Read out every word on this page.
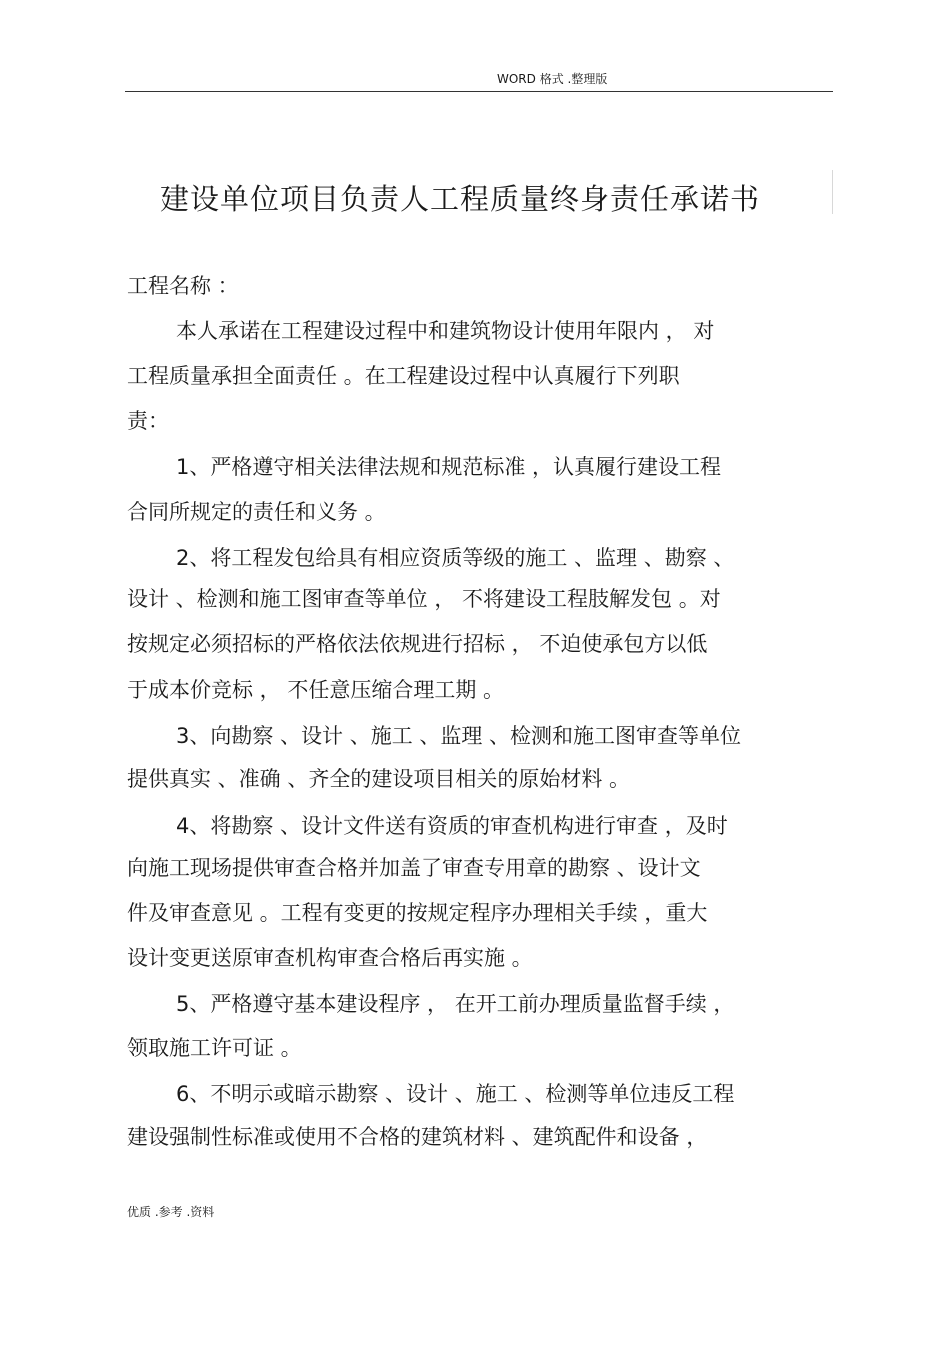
WORD 格式 .整理版
建设单位项目负责人工程质量终身责任承诺书
工程名称 ：
本人承诺在工程建设过程中和建筑物设计使用年限内 ， 对
工程质量承担全面责任 。在工程建设过程中认真履行下列职
责：
1、严格遵守相关法律法规和规范标准 ，认真履行建设工程
合同所规定的责任和义务 。
2、将工程发包给具有相应资质等级的施工 、监理 、勘察 、
设计 、检测和施工图审查等单位 ， 不将建设工程肢解发包 。对
按规定必须招标的严格依法依规进行招标 ， 不迫使承包方以低
于成本价竞标 ， 不任意压缩合理工期 。
3、向勘察 、设计 、施工 、监理 、检测和施工图审查等单位
提供真实 、准确 、齐全的建设项目相关的原始材料 。
4、将勘察 、设计文件送有资质的审查机构进行审查 ，及时
向施工现场提供审查合格并加盖了审查专用章的勘察 、设计文
件及审查意见 。工程有变更的按规定程序办理相关手续 ，重大
设计变更送原审查机构审查合格后再实施 。
5、严格遵守基本建设程序 ， 在开工前办理质量监督手续 ，
领取施工许可证 。
6、不明示或暗示勘察 、设计 、施工 、检测等单位违反工程
建设强制性标准或使用不合格的建筑材料 、建筑配件和设备 ，
优质 .参考 .资料
